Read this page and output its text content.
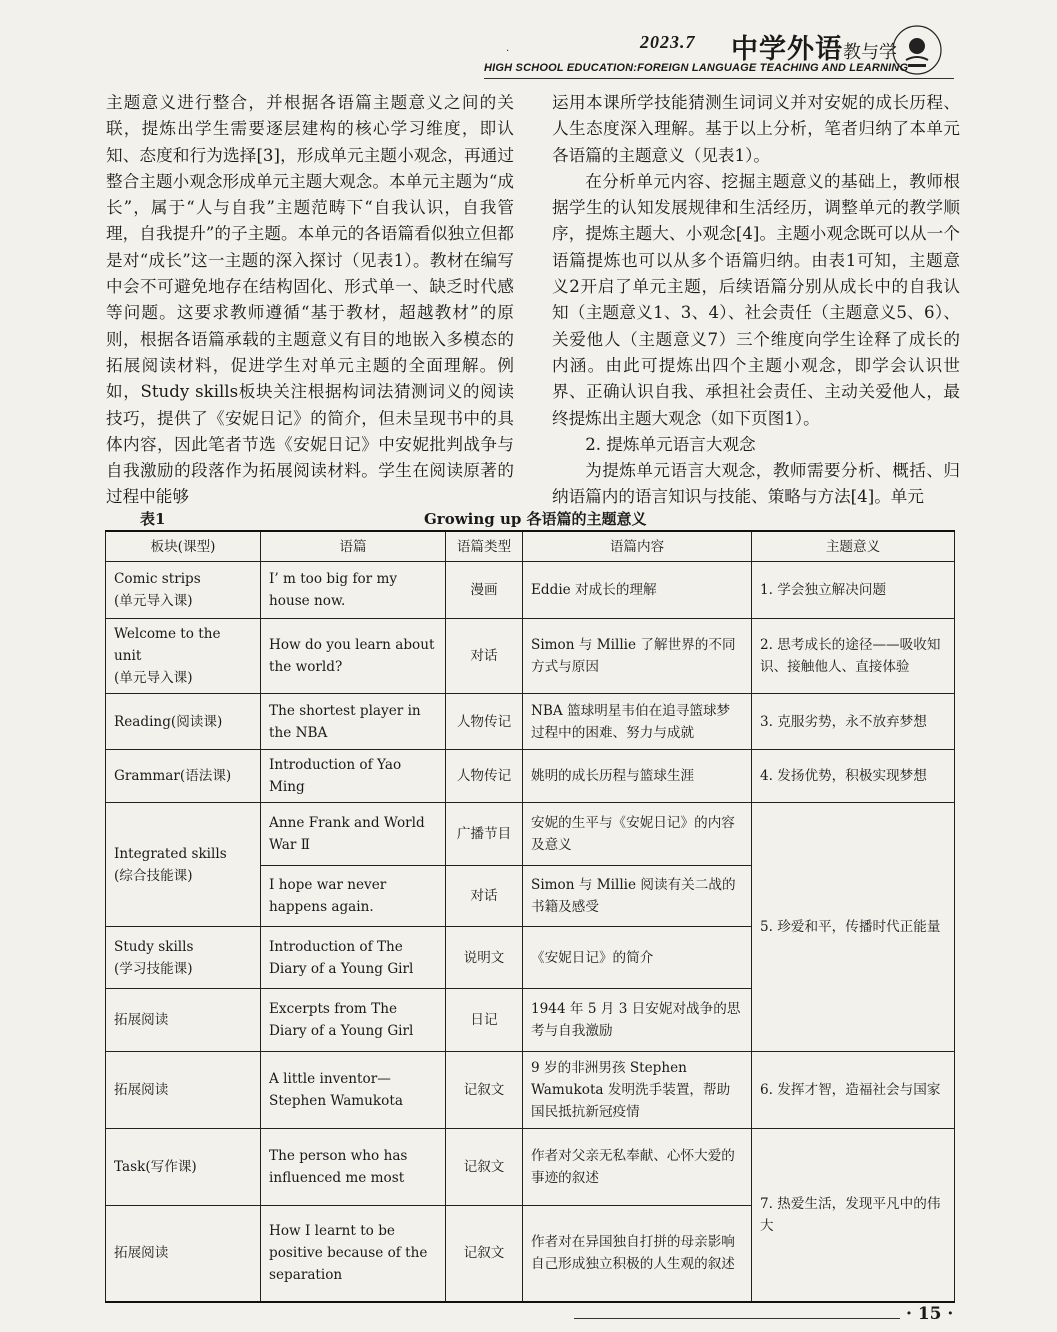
.	2023.7 中学外语教与学
HIGH SCHOOL EDUCATION:FOREIGN LANGUAGE TEACHING AND LEARNING

主题意义进行整合，并根据各语篇主题意义之间的关联，提炼出学生需要逐层建构的核心学习维度，即认知、态度和行为选择[3]，形成单元主题小观念，再通过整合主题小观念形成单元主题大观念。本单元主题为“成长”，属于“人与自我”主题范畴下“自我认识，自我管理，自我提升”的子主题。本单元的各语篇看似独立但都是对“成长”这一主题的深入探讨（见表1）。教材在编写中会不可避免地存在结构固化、形式单一、缺乏时代感等问题。这要求教师遵循“基于教材，超越教材”的原则，根据各语篇承载的主题意义有目的地嵌入多模态的拓展阅读材料，促进学生对单元主题的全面理解。例如，Study skills板块关注根据构词法猜测词义的阅读技巧，提供了《安妮日记》的简介，但未呈现书中的具体内容，因此笔者节选《安妮日记》中安妮批判战争与自我激励的段落作为拓展阅读材料。学生在阅读原著的过程中能够

运用本课所学技能猜测生词词义并对安妮的成长历程、人生态度深入理解。基于以上分析，笔者归纳了本单元各语篇的主题意义（见表1）。

在分析单元内容、挖掘主题意义的基础上，教师根据学生的认知发展规律和生活经历，调整单元的教学顺序，提炼主题大、小观念[4]。主题小观念既可以从一个语篇提炼也可以从多个语篇归纳。由表1可知，主题意义2开启了单元主题，后续语篇分别从成长中的自我认知（主题意义1、3、4）、社会责任（主题意义5、6）、关爱他人（主题意义7）三个维度向学生诠释了成长的内涵。由此可提炼出四个主题小观念，即学会认识世界、正确认识自我、承担社会责任、主动关爱他人，最终提炼出主题大观念（如下页图1）。

2. 提炼单元语言大观念

为提炼单元语言大观念，教师需要分析、概括、归纳语篇内的语言知识与技能、策略与方法[4]。单元

表1	Growing up 各语篇的主题意义
板块(课型)	语篇	语篇类型	语篇内容	主题意义
Comic strips
(单元导入课)	I’ m too big for my house now.	漫画	Eddie 对成长的理解	1. 学会独立解决问题
Welcome to the unit
(单元导入课)	How do you learn about the world?	对话	Simon 与 Millie 了解世界的不同方式与原因	2. 思考成长的途径——吸收知识、接触他人、直接体验
Reading(阅读课)	The shortest player in the NBA	人物传记	NBA 篮球明星韦伯在追寻篮球梦过程中的困难、努力与成就	3. 克服劣势，永不放弃梦想
Grammar(语法课)	Introduction of Yao Ming	人物传记	姚明的成长历程与篮球生涯	4. 发扬优势，积极实现梦想
Integrated skills
(综合技能课)	Anne Frank and World War Ⅱ	广播节目	安妮的生平与《安妮日记》的内容及意义	5. 珍爱和平，传播时代正能量
	I hope war never happens again.	对话	Simon 与 Millie 阅读有关二战的书籍及感受	
Study skills
(学习技能课)	Introduction of The Diary of a Young Girl	说明文	《安妮日记》的简介	
拓展阅读	Excerpts from The Diary of a Young Girl	日记	1944 年 5 月 3 日安妮对战争的思考与自我激励	
拓展阅读	A little inventor— Stephen Wamukota	记叙文	9 岁的非洲男孩 Stephen Wamukota 发明洗手装置，帮助国民抵抗新冠疫情	6. 发挥才智，造福社会与国家
Task(写作课)	The person who has influenced me most	记叙文	作者对父亲无私奉献、心怀大爱的事迹的叙述	7. 热爱生活，发现平凡中的伟大
拓展阅读	How I learnt to be positive because of the separation	记叙文	作者对在异国独自打拼的母亲影响自己形成独立积极的人生观的叙述	
· 15 ·
